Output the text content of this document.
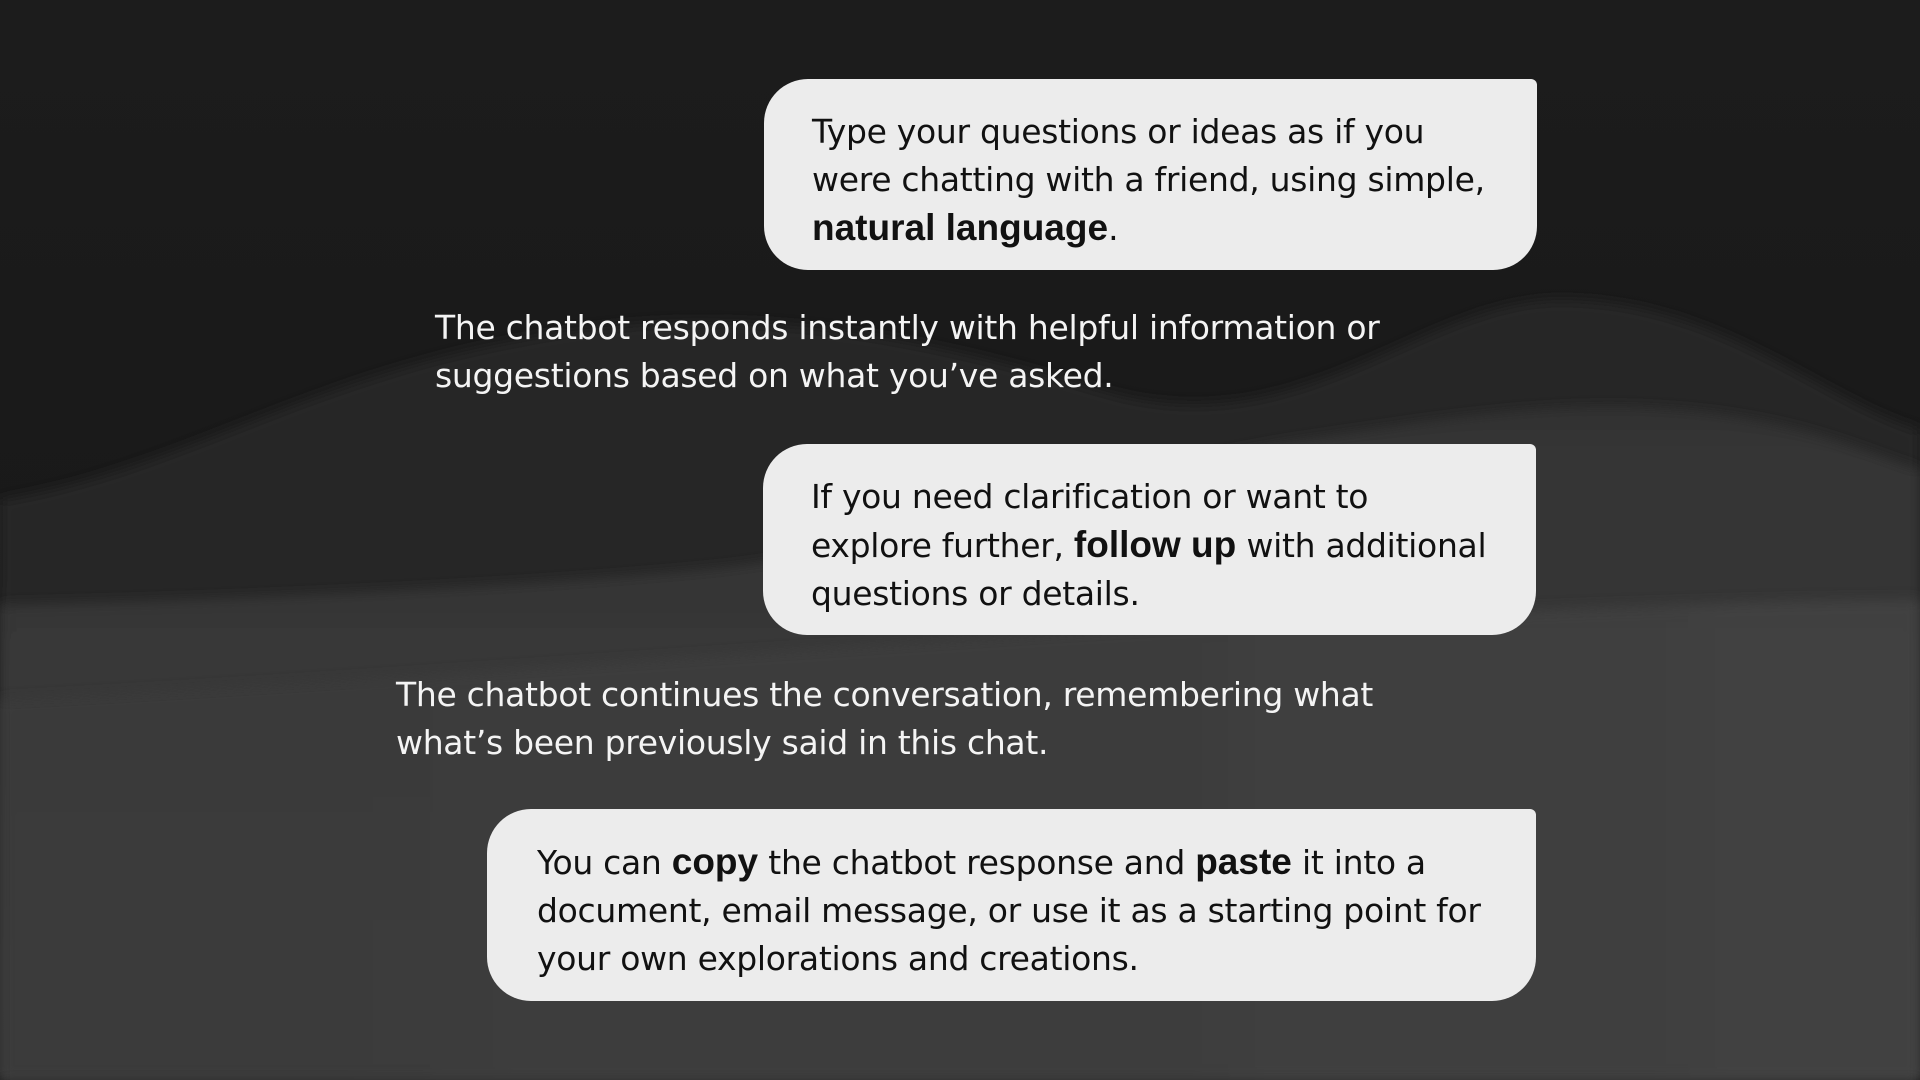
Type your questions or ideas as if you were chatting with a friend, using simple, natural language.
The chatbot responds instantly with helpful information or suggestions based on what you’ve asked.
If you need clarification or want to explore further, follow up with additional questions or details.
The chatbot continues the conversation, remembering what what’s been previously said in this chat.
You can copy the chatbot response and paste it into a document, email message, or use it as a starting point for your own explorations and creations.
